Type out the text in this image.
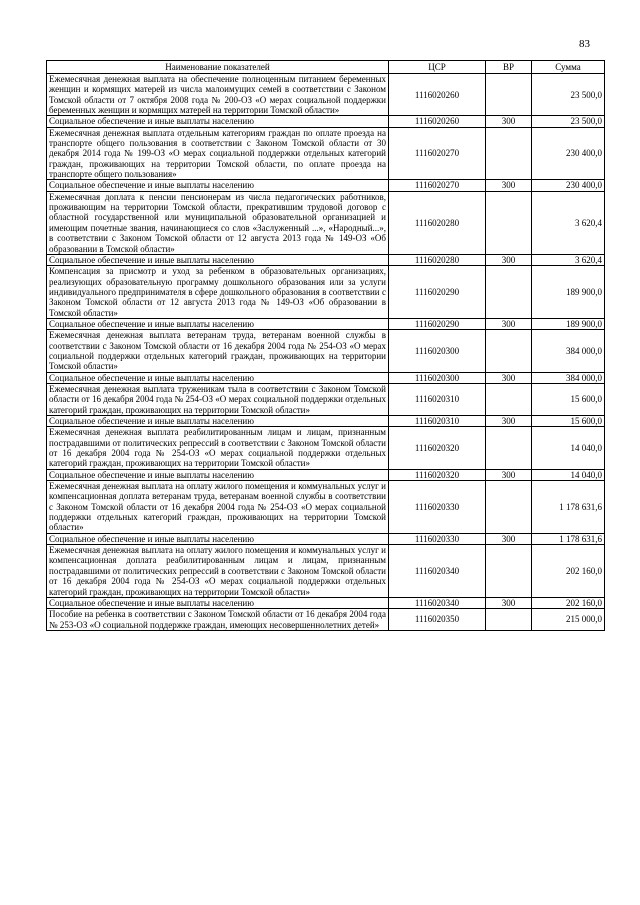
83
Наименование показателей	ЦСР	ВР	Сумма
Ежемесячная денежная выплата на обеспечение полноценным питанием беременных женщин и кормящих матерей из числа малоимущих семей в соответствии с Законом Томской области от 7 октября 2008 года № 200-ОЗ «О мерах социальной поддержки беременных женщин и кормящих матерей на территории Томской области»	1116020260		23 500,0
Социальное обеспечение и иные выплаты населению	1116020260	300	23 500,0
Ежемесячная денежная выплата отдельным категориям граждан по оплате проезда на транспорте общего пользования в соответствии с Законом Томской области от 30 декабря 2014 года № 199-ОЗ «О мерах социальной поддержки отдельных категорий граждан, проживающих на территории Томской области, по оплате проезда на транспорте общего пользования»	1116020270		230 400,0
Социальное обеспечение и иные выплаты населению	1116020270	300	230 400,0
Ежемесячная доплата к пенсии пенсионерам из числа педагогических работников, проживающим на территории Томской области, прекратившим трудовой договор с областной государственной или муниципальной образовательной организацией и имеющим почетные звания, начинающиеся со слов «Заслуженный ...», «Народный...», в соответствии с Законом Томской области от 12 августа 2013 года № 149-ОЗ «Об образовании в Томской области»	1116020280		3 620,4
Социальное обеспечение и иные выплаты населению	1116020280	300	3 620,4
Компенсация за присмотр и уход за ребенком в образовательных организациях, реализующих образовательную программу дошкольного образования или за услуги индивидуального предпринимателя в сфере дошкольного образования в соответствии с Законом Томской области от 12 августа 2013 года № 149-ОЗ «Об образовании в Томской области»	1116020290		189 900,0
Социальное обеспечение и иные выплаты населению	1116020290	300	189 900,0
Ежемесячная денежная выплата ветеранам труда, ветеранам военной службы в соответствии с Законом Томской области от 16 декабря 2004 года № 254-ОЗ «О мерах социальной поддержки отдельных категорий граждан, проживающих на территории Томской области»	1116020300		384 000,0
Социальное обеспечение и иные выплаты населению	1116020300	300	384 000,0
Ежемесячная денежная выплата труженикам тыла в соответствии с Законом Томской области от 16 декабря 2004 года № 254-ОЗ «О мерах социальной поддержки отдельных категорий граждан, проживающих на территории Томской области»	1116020310		15 600,0
Социальное обеспечение и иные выплаты населению	1116020310	300	15 600,0
Ежемесячная денежная выплата реабилитированным лицам и лицам, признанным пострадавшими от политических репрессий в соответствии с Законом Томской области от 16 декабря 2004 года № 254-ОЗ «О мерах социальной поддержки отдельных категорий граждан, проживающих на территории Томской области»	1116020320		14 040,0
Социальное обеспечение и иные выплаты населению	1116020320	300	14 040,0
Ежемесячная денежная выплата на оплату жилого помещения и коммунальных услуг и компенсационная доплата ветеранам труда, ветеранам военной службы в соответствии с Законом Томской области от 16 декабря 2004 года № 254-ОЗ «О мерах социальной поддержки отдельных категорий граждан, проживающих на территории Томской области»	1116020330		1 178 631,6
Социальное обеспечение и иные выплаты населению	1116020330	300	1 178 631,6
Ежемесячная денежная выплата на оплату жилого помещения и коммунальных услуг и компенсационная доплата реабилитированным лицам и лицам, признанным пострадавшими от политических репрессий в соответствии с Законом Томской области от 16 декабря 2004 года № 254-ОЗ «О мерах социальной поддержки отдельных категорий граждан, проживающих на территории Томской области»	1116020340		202 160,0
Социальное обеспечение и иные выплаты населению	1116020340	300	202 160,0
Пособие на ребенка в соответствии с Законом Томской области от 16 декабря 2004 года № 253-ОЗ «О социальной поддержке граждан, имеющих несовершеннолетних детей»	1116020350		215 000,0
